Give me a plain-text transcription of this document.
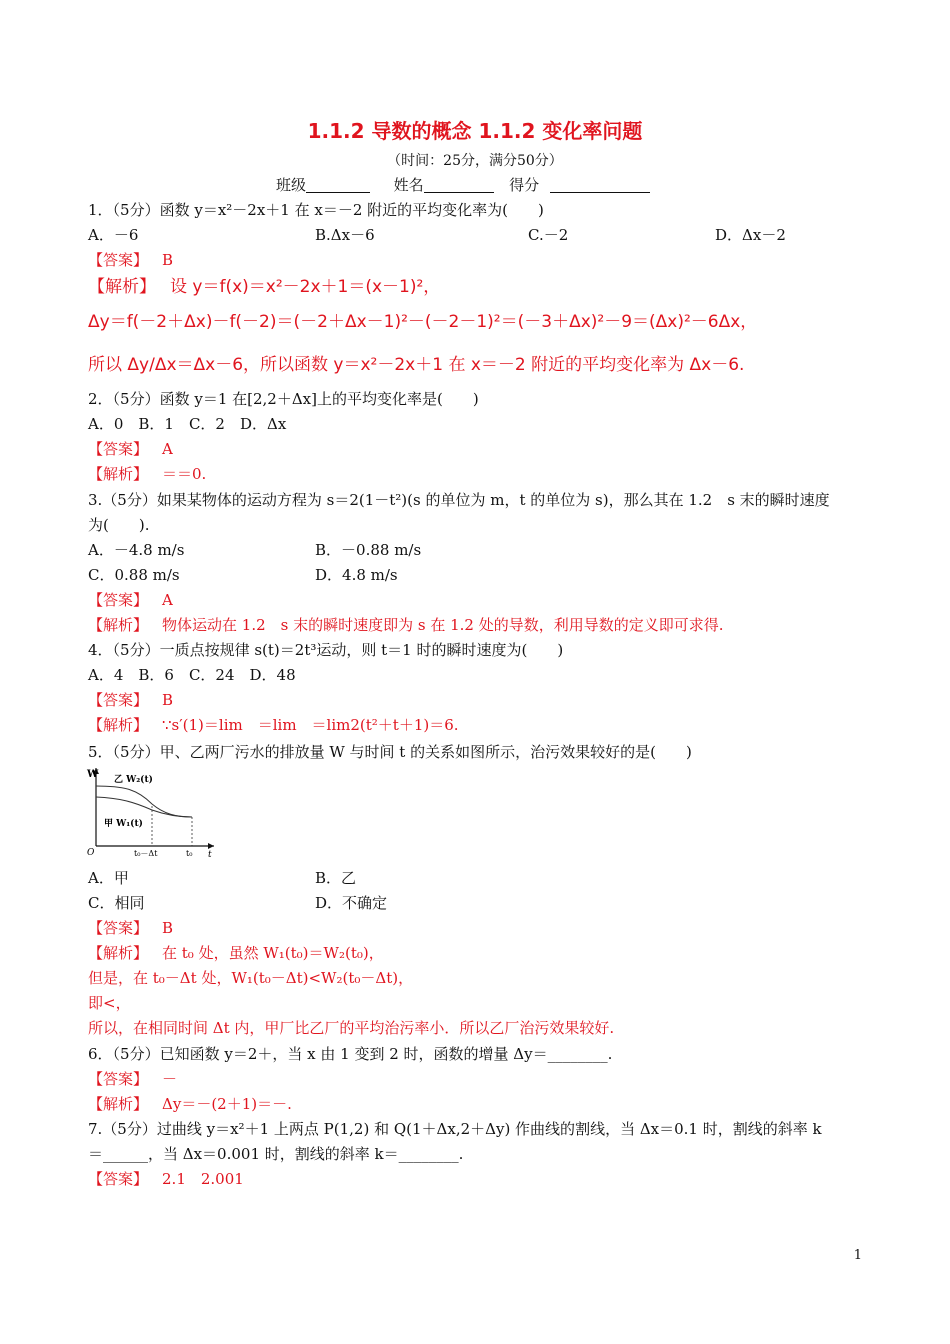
1.1.2 导数的概念 1.1.2 变化率问题
（时间：25分，满分50分）
班级	姓名	得分
1．（5分）函数 y＝x²－2x＋1 在 x＝－2 附近的平均变化率为(　　)
A．－6	B.Δx－6	C.－2	D．Δx－2
【答案】 B
【解析】 设 y＝f(x)＝x²－2x＋1＝(x－1)²，
Δy＝f(－2＋Δx)－f(－2)＝(－2＋Δx－1)²－(－2－1)²＝(－3＋Δx)²－9＝(Δx)²－6Δx，
所以 Δy/Δx＝Δx－6，所以函数 y＝x²－2x＋1 在 x＝－2 附近的平均变化率为 Δx－6.
2．（5分）函数 y＝1 在[2,2＋Δx]上的平均变化率是(　　)
A．0　B．1　C．2　D．Δx
【答案】 A
【解析】 ＝＝0.
3.（5分）如果某物体的运动方程为 s＝2(1－t²)(s 的单位为 m，t 的单位为 s)，那么其在 1.2　s 末的瞬时速度
为(　　).
A．－4.8 m/s	B．－0.88 m/s
C．0.88 m/s	D．4.8 m/s
【答案】 A
【解析】 物体运动在 1.2　s 末的瞬时速度即为 s 在 1.2 处的导数，利用导数的定义即可求得.
4．（5分）一质点按规律 s(t)＝2t³运动，则 t＝1 时的瞬时速度为(　　)
A．4　B．6　C．24　D．48
【答案】 B
【解析】 ∵s′(1)＝lim　＝lim　＝lim2(t²＋t＋1)＝6.
5．（5分）甲、乙两厂污水的排放量 W 与时间 t 的关系如图所示，治污效果较好的是(　　)
W
t
O
乙 W₂(t)
甲 W₁(t)
t₀－Δt	t₀
A．甲	B．乙
C．相同	D．不确定
【答案】 B
【解析】 在 t₀ 处，虽然 W₁(t₀)＝W₂(t₀)，
但是，在 t₀－Δt 处，W₁(t₀－Δt)<W₂(t₀－Δt)，
即<，
所以，在相同时间 Δt 内，甲厂比乙厂的平均治污率小．所以乙厂治污效果较好.
6．（5分）已知函数 y＝2＋，当 x 由 1 变到 2 时，函数的增量 Δy＝________.
【答案】 －
【解析】 Δy＝－(2＋1)＝－.
7.（5分）过曲线 y＝x²＋1 上两点 P(1,2) 和 Q(1＋Δx,2＋Δy) 作曲线的割线，当 Δx＝0.1 时，割线的斜率 k
＝______，当 Δx＝0.001 时，割线的斜率 k＝________.
【答案】 2.1　2.001
1
